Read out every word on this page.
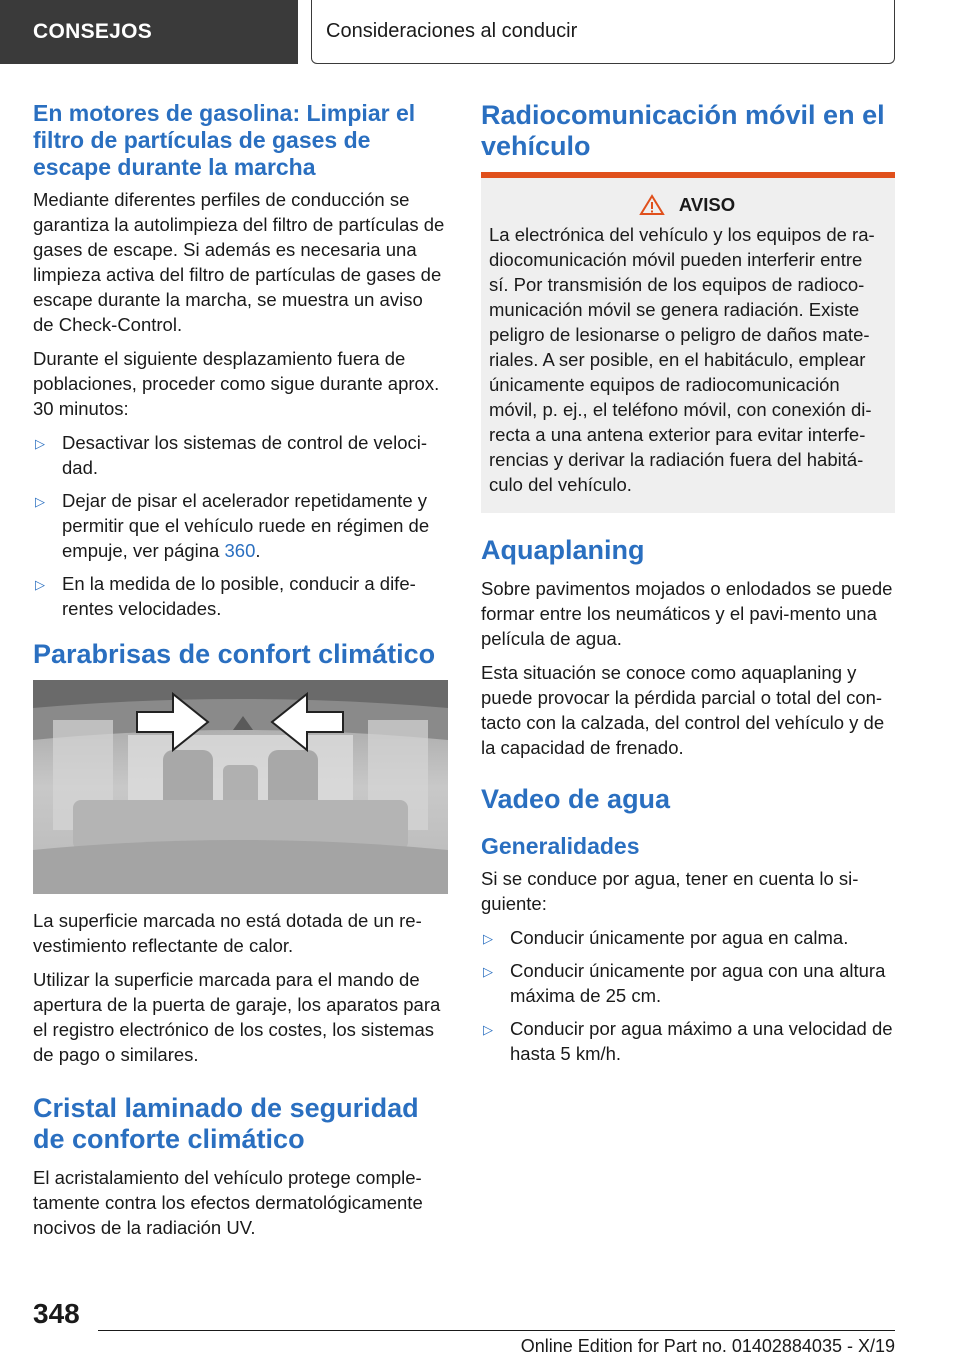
CONSEJOS	Consideraciones al conducir
En motores de gasolina: Limpiar el filtro de partículas de gases de escape durante la marcha

Mediante diferentes perfiles de conducción se garantiza la autolimpieza del filtro de partículas de gases de escape. Si además es necesaria una limpieza activa del filtro de partículas de gases de escape durante la marcha, se muestra un aviso de Check-Control.

Durante el siguiente desplazamiento fuera de poblaciones, proceder como sigue durante aprox. 30 minutos:

▷ Desactivar los sistemas de control de veloci-dad.
▷ Dejar de pisar el acelerador repetidamente y permitir que el vehículo ruede en régimen de empuje, ver página 360.
▷ En la medida de lo posible, conducir a dife-rentes velocidades.
Parabrisas de confort climático

La superficie marcada no está dotada de un re-vestimiento reflectante de calor.

Utilizar la superficie marcada para el mando de apertura de la puerta de garaje, los aparatos para el registro electrónico de los costes, los sistemas de pago o similares.

Cristal laminado de seguridad de conforte climático

El acristalamiento del vehículo protege comple-tamente contra los efectos dermatológicamente nocivos de la radiación UV.

Radiocomunicación móvil en el vehículo
AVISO

La electrónica del vehículo y los equipos de ra-diocomunicación móvil pueden interferir entre sí. Por transmisión de los equipos de radioco-municación móvil se genera radiación. Existe peligro de lesionarse o peligro de daños mate-riales. A ser posible, en el habitáculo, emplear únicamente equipos de radiocomunicación móvil, p. ej., el teléfono móvil, con conexión di-recta a una antena exterior para evitar interfe-rencias y derivar la radiación fuera del habitá-culo del vehículo.

Aquaplaning

Sobre pavimentos mojados o enlodados se puede formar entre los neumáticos y el pavi-mento una película de agua.

Esta situación se conoce como aquaplaning y puede provocar la pérdida parcial o total del con-tacto con la calzada, del control del vehículo y de la capacidad de frenado.

Vadeo de agua
Generalidades

Si se conduce por agua, tener en cuenta lo si-guiente:

▷ Conducir únicamente por agua en calma.
▷ Conducir únicamente por agua con una altura máxima de 25 cm.
▷ Conducir por agua máximo a una velocidad de hasta 5 km/h.
348
Online Edition for Part no. 01402884035 - X/19
